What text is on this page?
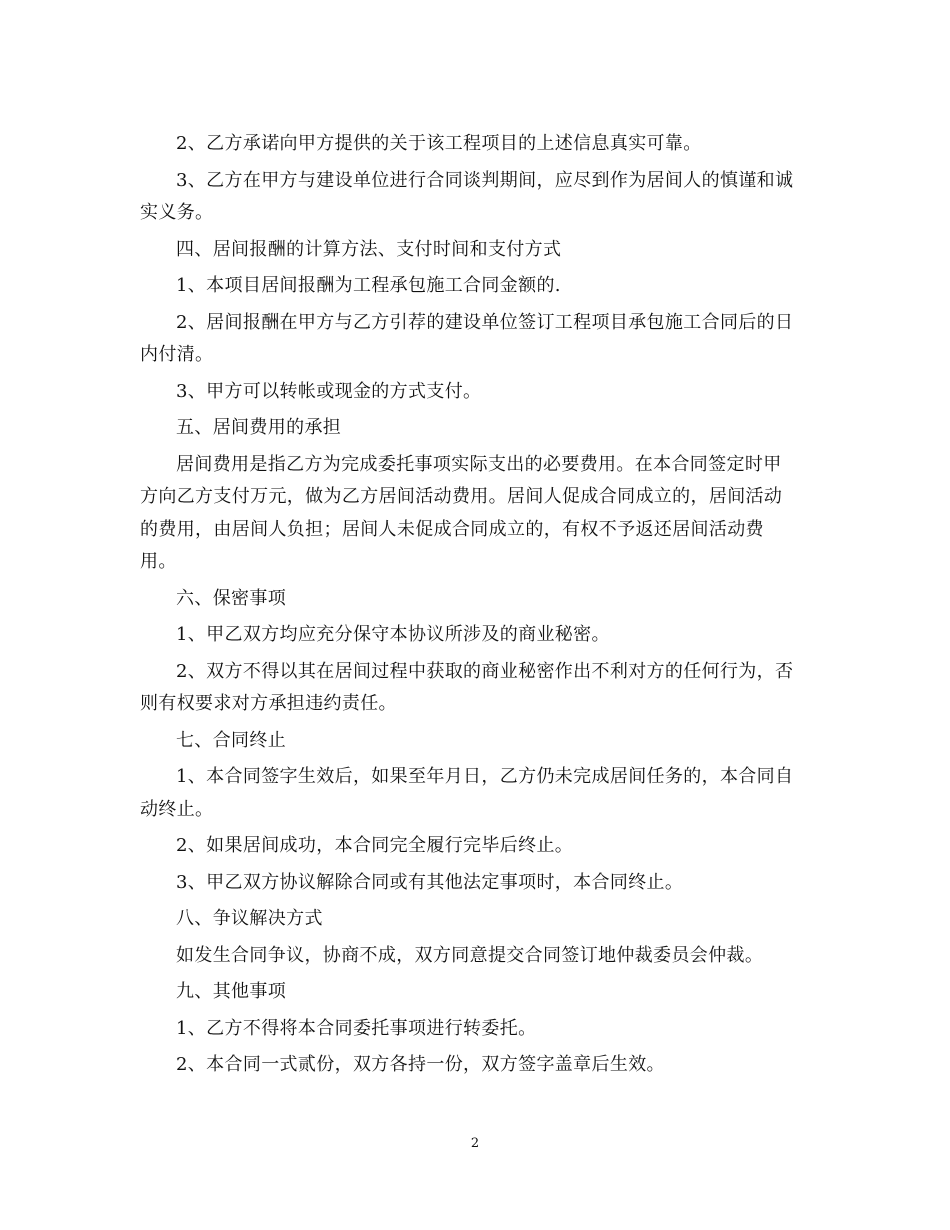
2、乙方承诺向甲方提供的关于该工程项目的上述信息真实可靠。

3、乙方在甲方与建设单位进行合同谈判期间，应尽到作为居间人的慎谨和诚
实义务。

四、居间报酬的计算方法、支付时间和支付方式

1、本项目居间报酬为工程承包施工合同金额的.

2、居间报酬在甲方与乙方引荐的建设单位签订工程项目承包施工合同后的日
内付清。

3、甲方可以转帐或现金的方式支付。

五、居间费用的承担

居间费用是指乙方为完成委托事项实际支出的必要费用。在本合同签定时甲
方向乙方支付万元，做为乙方居间活动费用。居间人促成合同成立的，居间活动
的费用，由居间人负担；居间人未促成合同成立的，有权不予返还居间活动费
用。

六、保密事项

1、甲乙双方均应充分保守本协议所涉及的商业秘密。

2、双方不得以其在居间过程中获取的商业秘密作出不利对方的任何行为，否
则有权要求对方承担违约责任。

七、合同终止

1、本合同签字生效后，如果至年月日，乙方仍未完成居间任务的，本合同自
动终止。

2、如果居间成功，本合同完全履行完毕后终止。

3、甲乙双方协议解除合同或有其他法定事项时，本合同终止。

八、争议解决方式

如发生合同争议，协商不成，双方同意提交合同签订地仲裁委员会仲裁。

九、其他事项

1、乙方不得将本合同委托事项进行转委托。

2、本合同一式贰份，双方各持一份，双方签字盖章后生效。

2
